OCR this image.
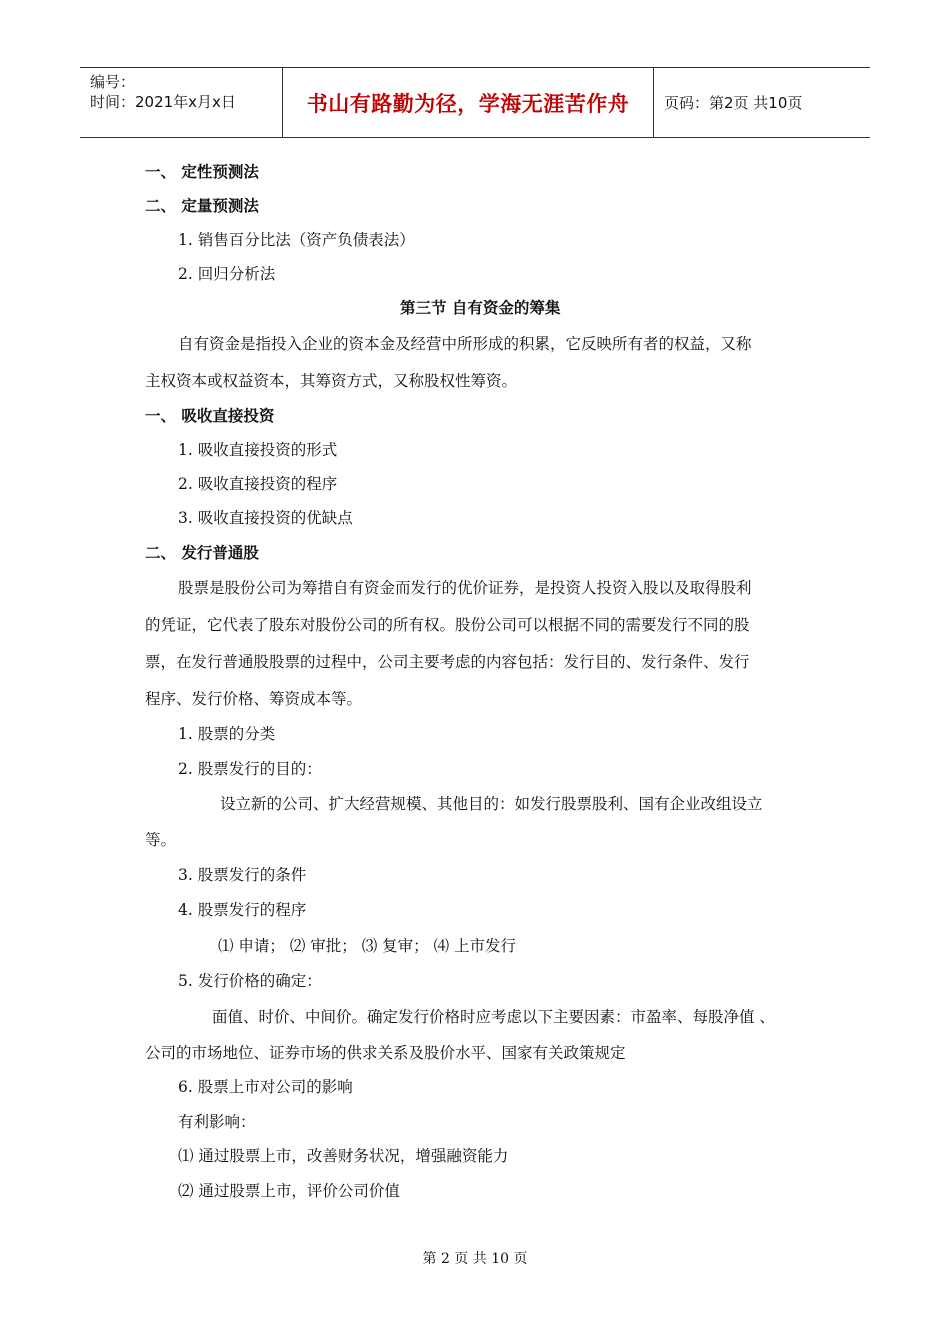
编号：
时间：2021年x月x日	书山有路勤为径，学海无涯苦作舟 页码：第2页 共10页
一、 定性预测法
二、 定量预测法
1. 销售百分比法（资产负债表法）
2. 回归分析法
第三节 自有资金的筹集
自有资金是指投入企业的资本金及经营中所形成的积累，它反映所有者的权益，又称
主权资本或权益资本，其筹资方式，又称股权性筹资。
一、 吸收直接投资
1. 吸收直接投资的形式
2. 吸收直接投资的程序
3. 吸收直接投资的优缺点
二、 发行普通股
股票是股份公司为筹措自有资金而发行的优价证券，是投资人投资入股以及取得股利
的凭证，它代表了股东对股份公司的所有权。股份公司可以根据不同的需要发行不同的股
票，在发行普通股股票的过程中，公司主要考虑的内容包括：发行目的、发行条件、发行
程序、发行价格、筹资成本等。
1. 股票的分类
2. 股票发行的目的：
设立新的公司、扩大经营规模、其他目的：如发行股票股利、国有企业改组设立
等。
3. 股票发行的条件
4. 股票发行的程序
⑴ 申请； ⑵ 审批； ⑶ 复审； ⑷ 上市发行
5. 发行价格的确定：
面值、时价、中间价。确定发行价格时应考虑以下主要因素：市盈率、每股净值 、
公司的市场地位、证券市场的供求关系及股价水平、国家有关政策规定
6. 股票上市对公司的影响
有利影响：
⑴ 通过股票上市，改善财务状况，增强融资能力
⑵ 通过股票上市，评价公司价值
第 2 页 共 10 页
